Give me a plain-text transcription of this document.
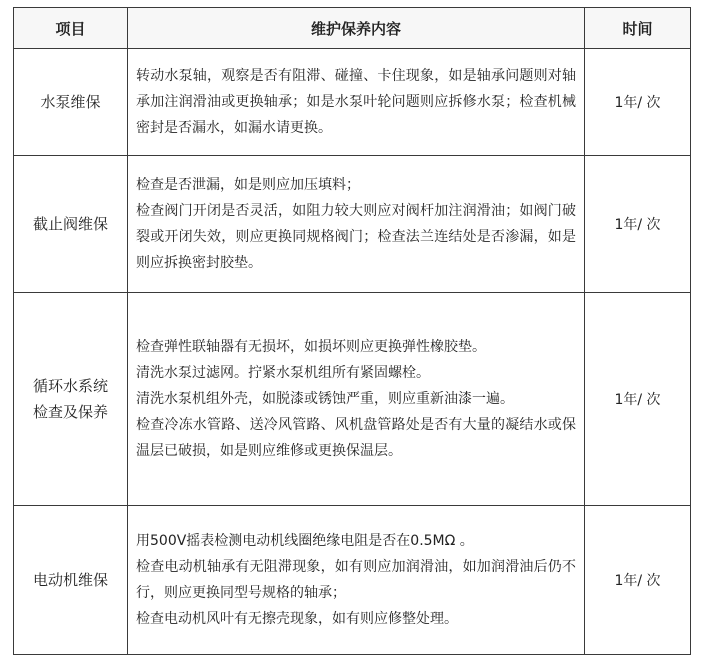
项目	维护保养内容	时间
水泵维保	转动水泵轴，观察是否有阻滞、碰撞、卡住现象，如是轴承问题则对轴承加注润滑油或更换轴承；如是水泵叶轮问题则应拆修水泵；检查机械密封是否漏水，如漏水请更换。	1年/ 次
截止阀维保	检查是否泄漏，如是则应加压填料；

检查阀门开闭是否灵活，如阻力较大则应对阀杆加注润滑油；如阀门破裂或开闭失效，则应更换同规格阀门；检查法兰连结处是否渗漏，如是则应拆换密封胶垫。	1年/ 次
循环水系统检查及保养	检查弹性联轴器有无损坏，如损坏则应更换弹性橡胶垫。

清洗水泵过滤网。拧紧水泵机组所有紧固螺栓。

清洗水泵机组外壳，如脱漆或锈蚀严重，则应重新油漆一遍。

检查冷冻水管路、送冷风管路、风机盘管路处是否有大量的凝结水或保温层已破损，如是则应维修或更换保温层。	1年/ 次
电动机维保	用500V摇表检测电动机线圈绝缘电阻是否在0.5MΩ 。

检查电动机轴承有无阻滞现象，如有则应加润滑油，如加润滑油后仍不行，则应更换同型号规格的轴承；

检查电动机风叶有无擦壳现象，如有则应修整处理。	1年/ 次
